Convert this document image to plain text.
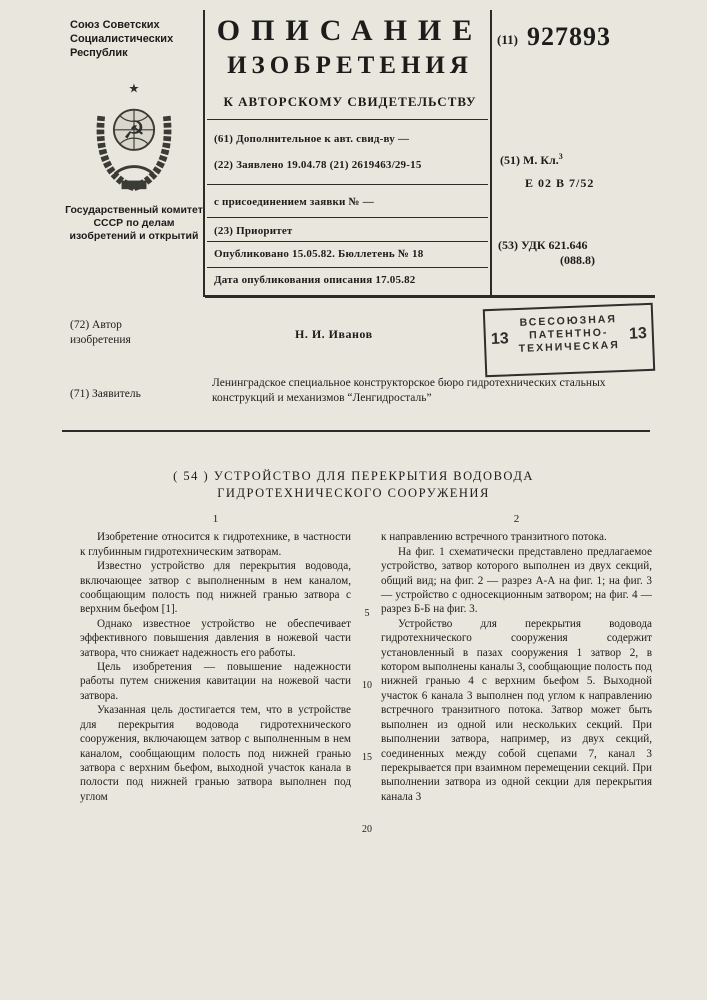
Союз Советских Социалистических Республик
☭
★
Государственный комитет СССР по делам изобретений и открытий
ОПИСАНИЕ
ИЗОБРЕТЕНИЯ
К АВТОРСКОМУ СВИДЕТЕЛЬСТВУ
(61) Дополнительное к авт. свид-ву —
(22) Заявлено 19.04.78 (21) 2619463/29-15
с присоединением заявки № —
(23) Приоритет
Опубликовано 15.05.82. Бюллетень № 18
Дата опубликования описания 17.05.82
(11) 927893
(51) М. Кл.$^3$
Е 02 В 7/52
(53) УДК 621.646
(088.8)
(72) Автор изобретения	Н. И. Иванов
ВСЕСОЮЗНАЯ
ПАТЕНТНО-
ТЕХНИЧЕСКАЯ
13	13
(71) Заявитель
Ленинградское специальное конструкторское бюро гидротехнических стальных конструкций и механизмов “Ленгидросталь”
( 54 ) УСТРОЙСТВО ДЛЯ ПЕРЕКРЫТИЯ ВОДОВОДА
ГИДРОТЕХНИЧЕСКОГО СООРУЖЕНИЯ
1

Изобретение относится к гидротехнике, в частности к глубинным гидротехническим затворам.

Известно устройство для перекрытия водовода, включающее затвор с выполненным в нем каналом, сообщающим полость под нижней гранью затвора с верхним бьефом [1].

Однако известное устройство не обеспечивает эффективного повышения давления в ножевой части затвора, что снижает надежность его работы.

Цель изобретения — повышение надежности работы путем снижения кавитации на ножевой части затвора.

Указанная цель достигается тем, что в устройстве для перекрытия водовода гидротехнического сооружения, включающем затвор с выполненным в нем каналом, сообщающим полость под нижней гранью затвора с верхним бьефом, выходной участок канала в полости под нижней гранью затвора выполнен под углом

2

к направлению встречного транзитного потока.

На фиг. 1 схематически представлено предлагаемое устройство, затвор которого выполнен из двух секций, общий вид; на фиг. 2 — разрез А-А на фиг. 1; на фиг. 3 — устройство с односекционным затвором; на фиг. 4 — разрез Б-Б на фиг. 3.

Устройство для перекрытия водовода гидротехнического сооружения содержит установленный в пазах сооружения 1 затвор 2, в котором выполнены каналы 3, сообщающие полость под нижней гранью 4 с верхним бьефом 5. Выходной участок 6 канала 3 выполнен под углом к направлению встречного транзитного потока. Затвор может быть выполнен из одной или нескольких секций. При выполнении затвора, например, из двух секций, соединенных между собой сцепами 7, канал 3 перекрывается при взаимном перемещении секций. При выполнении затвора из одной секции для перекрытия канала 3

5
10
15
20
